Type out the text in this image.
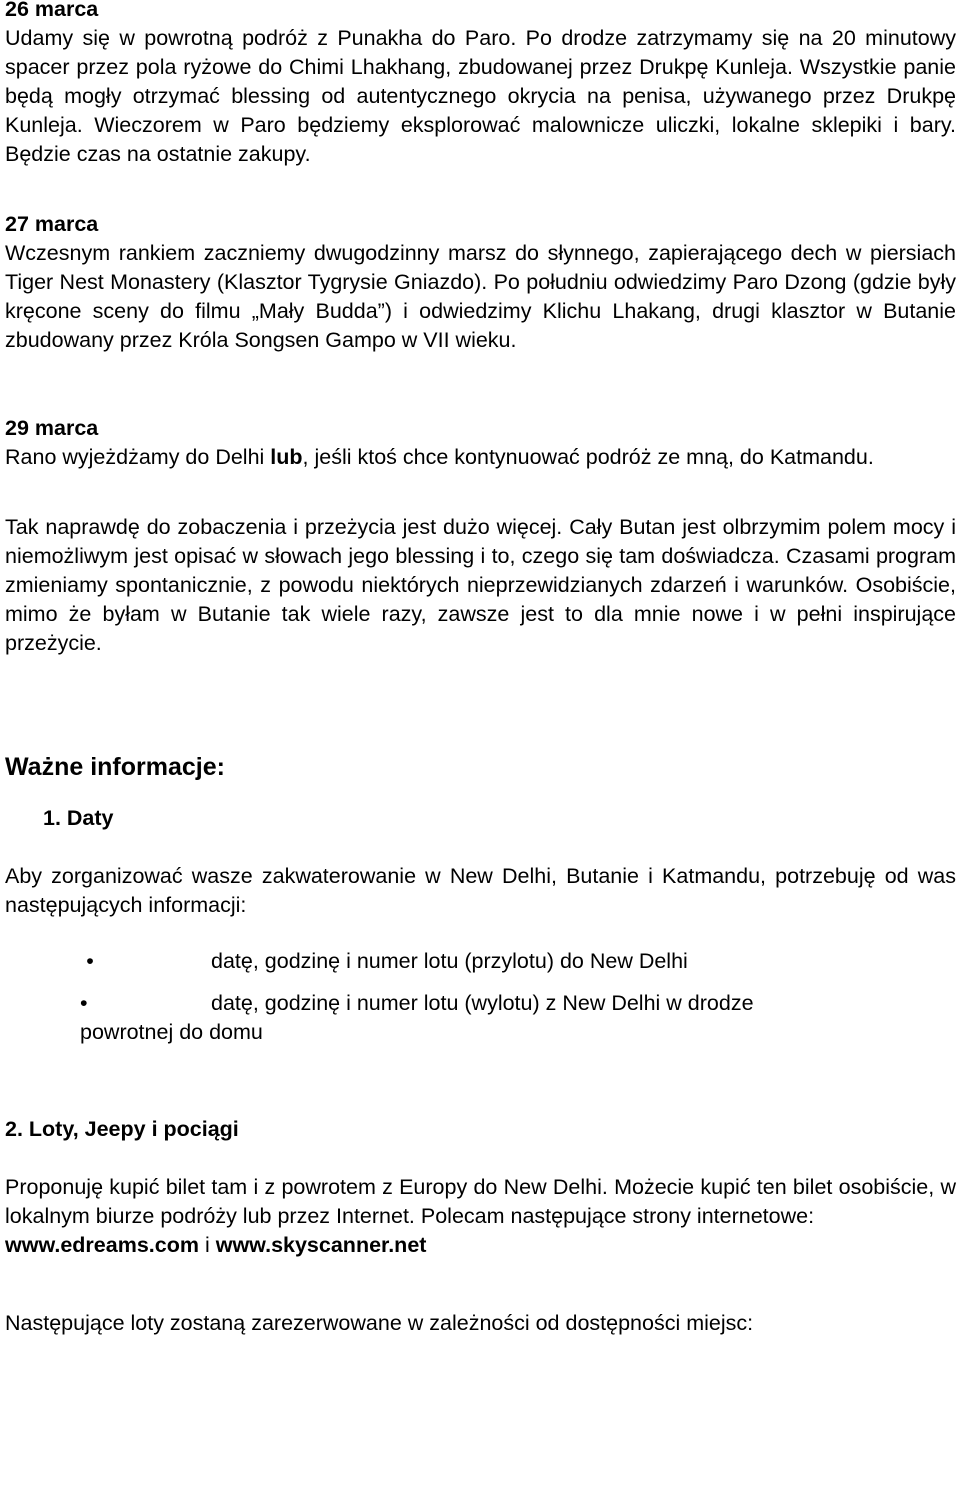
26 marca

Udamy się w powrotną podróż z Punakha do Paro. Po drodze zatrzymamy się na 20 minutowy spacer przez pola ryżowe do Chimi Lhakhang, zbudowanej przez Drukpę Kunleja. Wszystkie panie będą mogły otrzymać blessing od autentycznego okrycia na penisa, używanego przez Drukpę Kunleja. Wieczorem w Paro będziemy eksplorować malownicze uliczki, lokalne sklepiki i bary. Będzie czas na ostatnie zakupy.

27 marca

Wczesnym rankiem zaczniemy dwugodzinny marsz do słynnego, zapierającego dech w piersiach Tiger Nest Monastery (Klasztor Tygrysie Gniazdo). Po południu odwiedzimy Paro Dzong (gdzie były kręcone sceny do filmu „Mały Budda”) i odwiedzimy Klichu Lhakang, drugi klasztor w Butanie zbudowany przez Króla Songsen Gampo w VII wieku.

29 marca

Rano wyjeżdżamy do Delhi lub, jeśli ktoś chce kontynuować podróż ze mną, do Katmandu.

Tak naprawdę do zobaczenia i przeżycia jest dużo więcej. Cały Butan jest olbrzymim polem mocy i niemożliwym jest opisać w słowach jego blessing i to, czego się tam doświadcza. Czasami program zmieniamy spontanicznie, z powodu niektórych nieprzewidzianych zdarzeń i warunków. Osobiście, mimo że byłam w Butanie tak wiele razy, zawsze jest to dla mnie nowe i w pełni inspirujące przeżycie.

Ważne informacje:

1. Daty

Aby zorganizować wasze zakwaterowanie w New Delhi, Butanie i Katmandu, potrzebuję od was następujących informacji:

•	datę, godzinę i numer lotu (przylotu) do New Delhi

•	datę, godzinę i numer lotu (wylotu) z New Delhi w drodze

powrotnej do domu

2. Loty, Jeepy i pociągi

Proponuję kupić bilet tam i z powrotem z Europy do New Delhi. Możecie kupić ten bilet osobiście, w lokalnym biurze podróży lub przez Internet. Polecam następujące strony internetowe:

www.edreams.com i www.skyscanner.net

Następujące loty zostaną zarezerwowane w zależności od dostępności miejsc:
